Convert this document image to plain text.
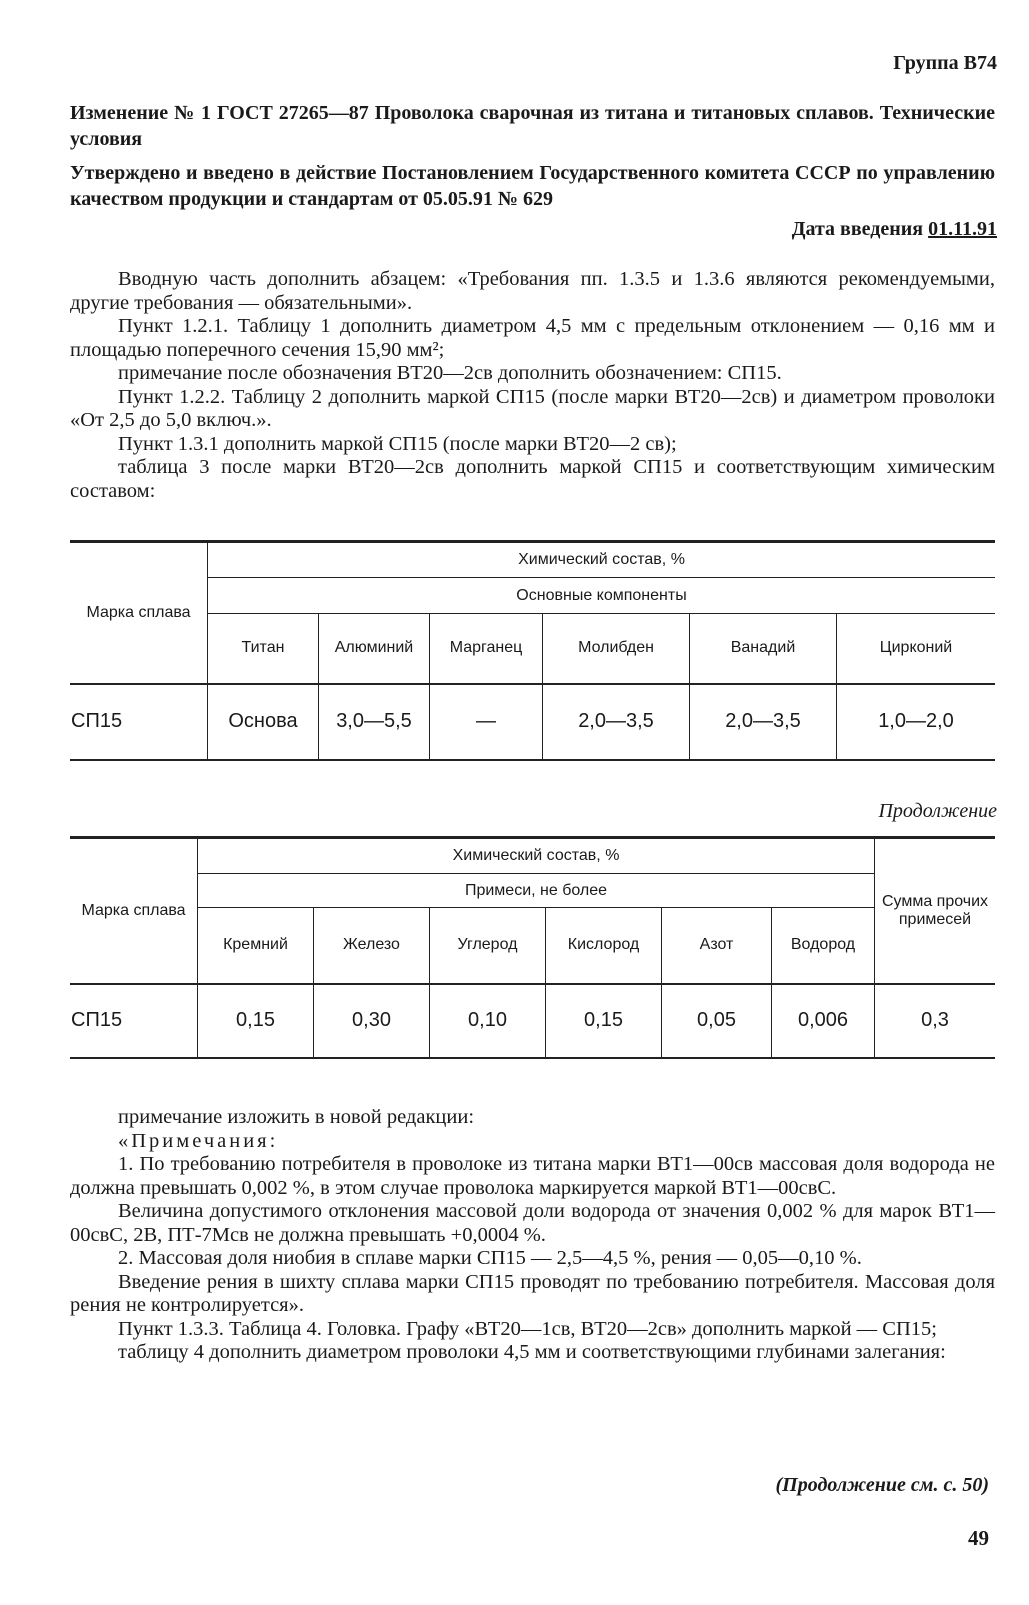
Группа В74
Изменение № 1 ГОСТ 27265—87 Проволока сварочная из титана и титановых сплавов. Технические условия
Утверждено и введено в действие Постановлением Государственного комитета СССР по управлению качеством продукции и стандартам от 05.05.91 № 629
Дата введения 01.11.91

Вводную часть дополнить абзацем: «Требования пп. 1.3.5 и 1.3.6 являются рекомендуемыми, другие требования — обязательными».

Пункт 1.2.1. Таблицу 1 дополнить диаметром 4,5 мм с предельным отклонением — 0,16 мм и площадью поперечного сечения 15,90 мм²;

примечание после обозначения ВТ20—2св дополнить обозначением: СП15.

Пункт 1.2.2. Таблицу 2 дополнить маркой СП15 (после марки ВТ20—2св) и диаметром проволоки «От 2,5 до 5,0 включ.».

Пункт 1.3.1 дополнить маркой СП15 (после марки ВТ20—2 св);

таблица 3 после марки ВТ20—2св дополнить маркой СП15 и соответствующим химическим составом:

Марка сплава	Химический состав, %					
	Основные компоненты					
	Титан	Алюминий	Марганец	Молибден	Ванадий	Цирконий
СП15	Основа	3,0—5,5	—	2,0—3,5	2,0—3,5	1,0—2,0
Продолжение
Марка сплава	Химический состав, %						Сумма прочих примесей
	Примеси, не более						
	Кремний	Железо	Углерод	Кислород	Азот	Водород	
СП15	0,15	0,30	0,10	0,15	0,05	0,006	0,3

примечание изложить в новой редакции:

«Примечания:

1. По требованию потребителя в проволоке из титана марки ВТ1—00св массовая доля водорода не должна превышать 0,002 %, в этом случае проволока маркируется маркой ВТ1—00свС.

Величина допустимого отклонения массовой доли водорода от значения 0,002 % для марок ВТ1—00свС, 2В, ПТ-7Мсв не должна превышать +0,0004 %.

2. Массовая доля ниобия в сплаве марки СП15 — 2,5—4,5 %, рения — 0,05—0,10 %.

Введение рения в шихту сплава марки СП15 проводят по требованию потребителя. Массовая доля рения не контролируется».

Пункт 1.3.3. Таблица 4. Головка. Графу «ВТ20—1св, ВТ20—2св» дополнить маркой — СП15;

таблицу 4 дополнить диаметром проволоки 4,5 мм и соответствующими глубинами залегания:

(Продолжение см. с. 50)
49
